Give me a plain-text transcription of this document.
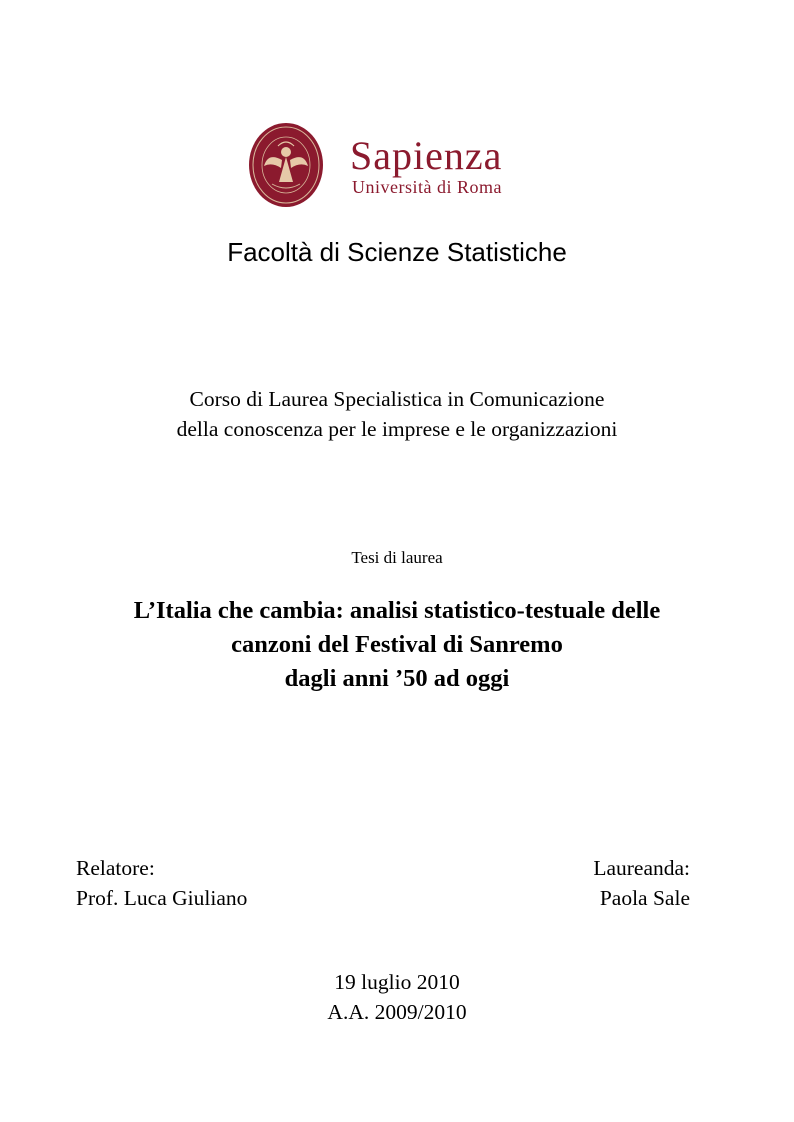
Sapienza
Università di Roma
Facoltà di Scienze Statistiche
Corso di Laurea Specialistica in Comunicazione
della conoscenza per le imprese e le organizzazioni
Tesi di laurea
L’Italia che cambia: analisi statistico-testuale delle
canzoni del Festival di Sanremo
dagli anni ’50 ad oggi
Relatore:
Prof. Luca Giuliano
Laureanda:
Paola Sale
19 luglio 2010
A.A. 2009/2010
